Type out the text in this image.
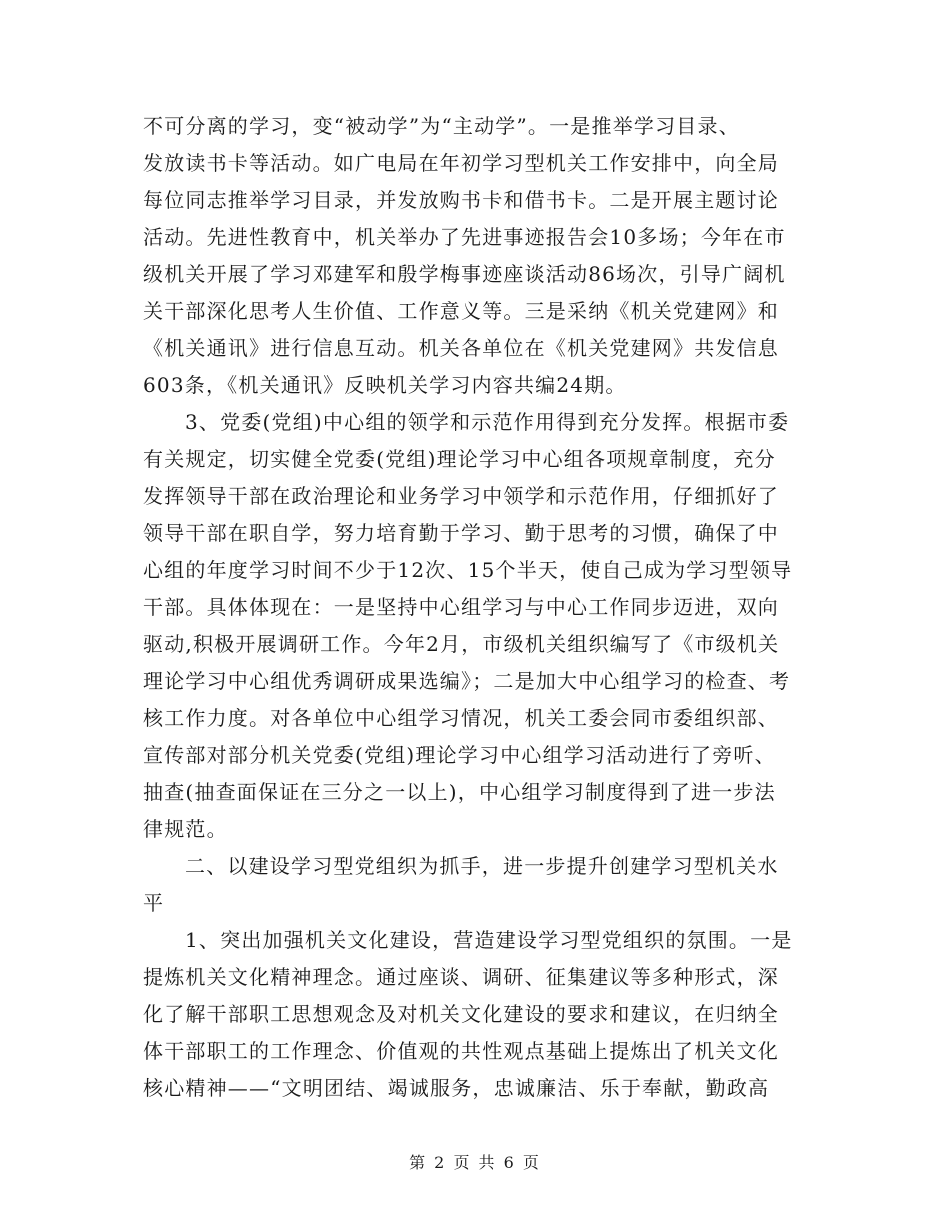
不可分离的学习，变“被动学”为“主动学”。一是推举学习目录、
发放读书卡等活动。如广电局在年初学习型机关工作安排中，向全局
每位同志推举学习目录，并发放购书卡和借书卡。二是开展主题讨论
活动。先进性教育中，机关举办了先进事迹报告会10多场；今年在市
级机关开展了学习邓建军和殷学梅事迹座谈活动86场次，引导广阔机
关干部深化思考人生价值、工作意义等。三是采纳《机关党建网》和
《机关通讯》进行信息互动。机关各单位在《机关党建网》共发信息
603条，《机关通讯》反映机关学习内容共编24期。
3、党委(党组)中心组的领学和示范作用得到充分发挥。根据市委
有关规定，切实健全党委(党组)理论学习中心组各项规章制度，充分
发挥领导干部在政治理论和业务学习中领学和示范作用，仔细抓好了
领导干部在职自学，努力培育勤于学习、勤于思考的习惯，确保了中
心组的年度学习时间不少于12次、15个半天，使自己成为学习型领导
干部。具体体现在：一是坚持中心组学习与中心工作同步迈进，双向
驱动,积极开展调研工作。今年2月，市级机关组织编写了《市级机关
理论学习中心组优秀调研成果选编》；二是加大中心组学习的检查、考
核工作力度。对各单位中心组学习情况，机关工委会同市委组织部、
宣传部对部分机关党委(党组)理论学习中心组学习活动进行了旁听、
抽查(抽查面保证在三分之一以上)，中心组学习制度得到了进一步法
律规范。
二、以建设学习型党组织为抓手，进一步提升创建学习型机关水
平
1、突出加强机关文化建设，营造建设学习型党组织的氛围。一是
提炼机关文化精神理念。通过座谈、调研、征集建议等多种形式，深
化了解干部职工思想观念及对机关文化建设的要求和建议，在归纳全
体干部职工的工作理念、价值观的共性观点基础上提炼出了机关文化
核心精神——“文明团结、竭诚服务，忠诚廉洁、乐于奉献，勤政高
第 2 页 共 6 页
